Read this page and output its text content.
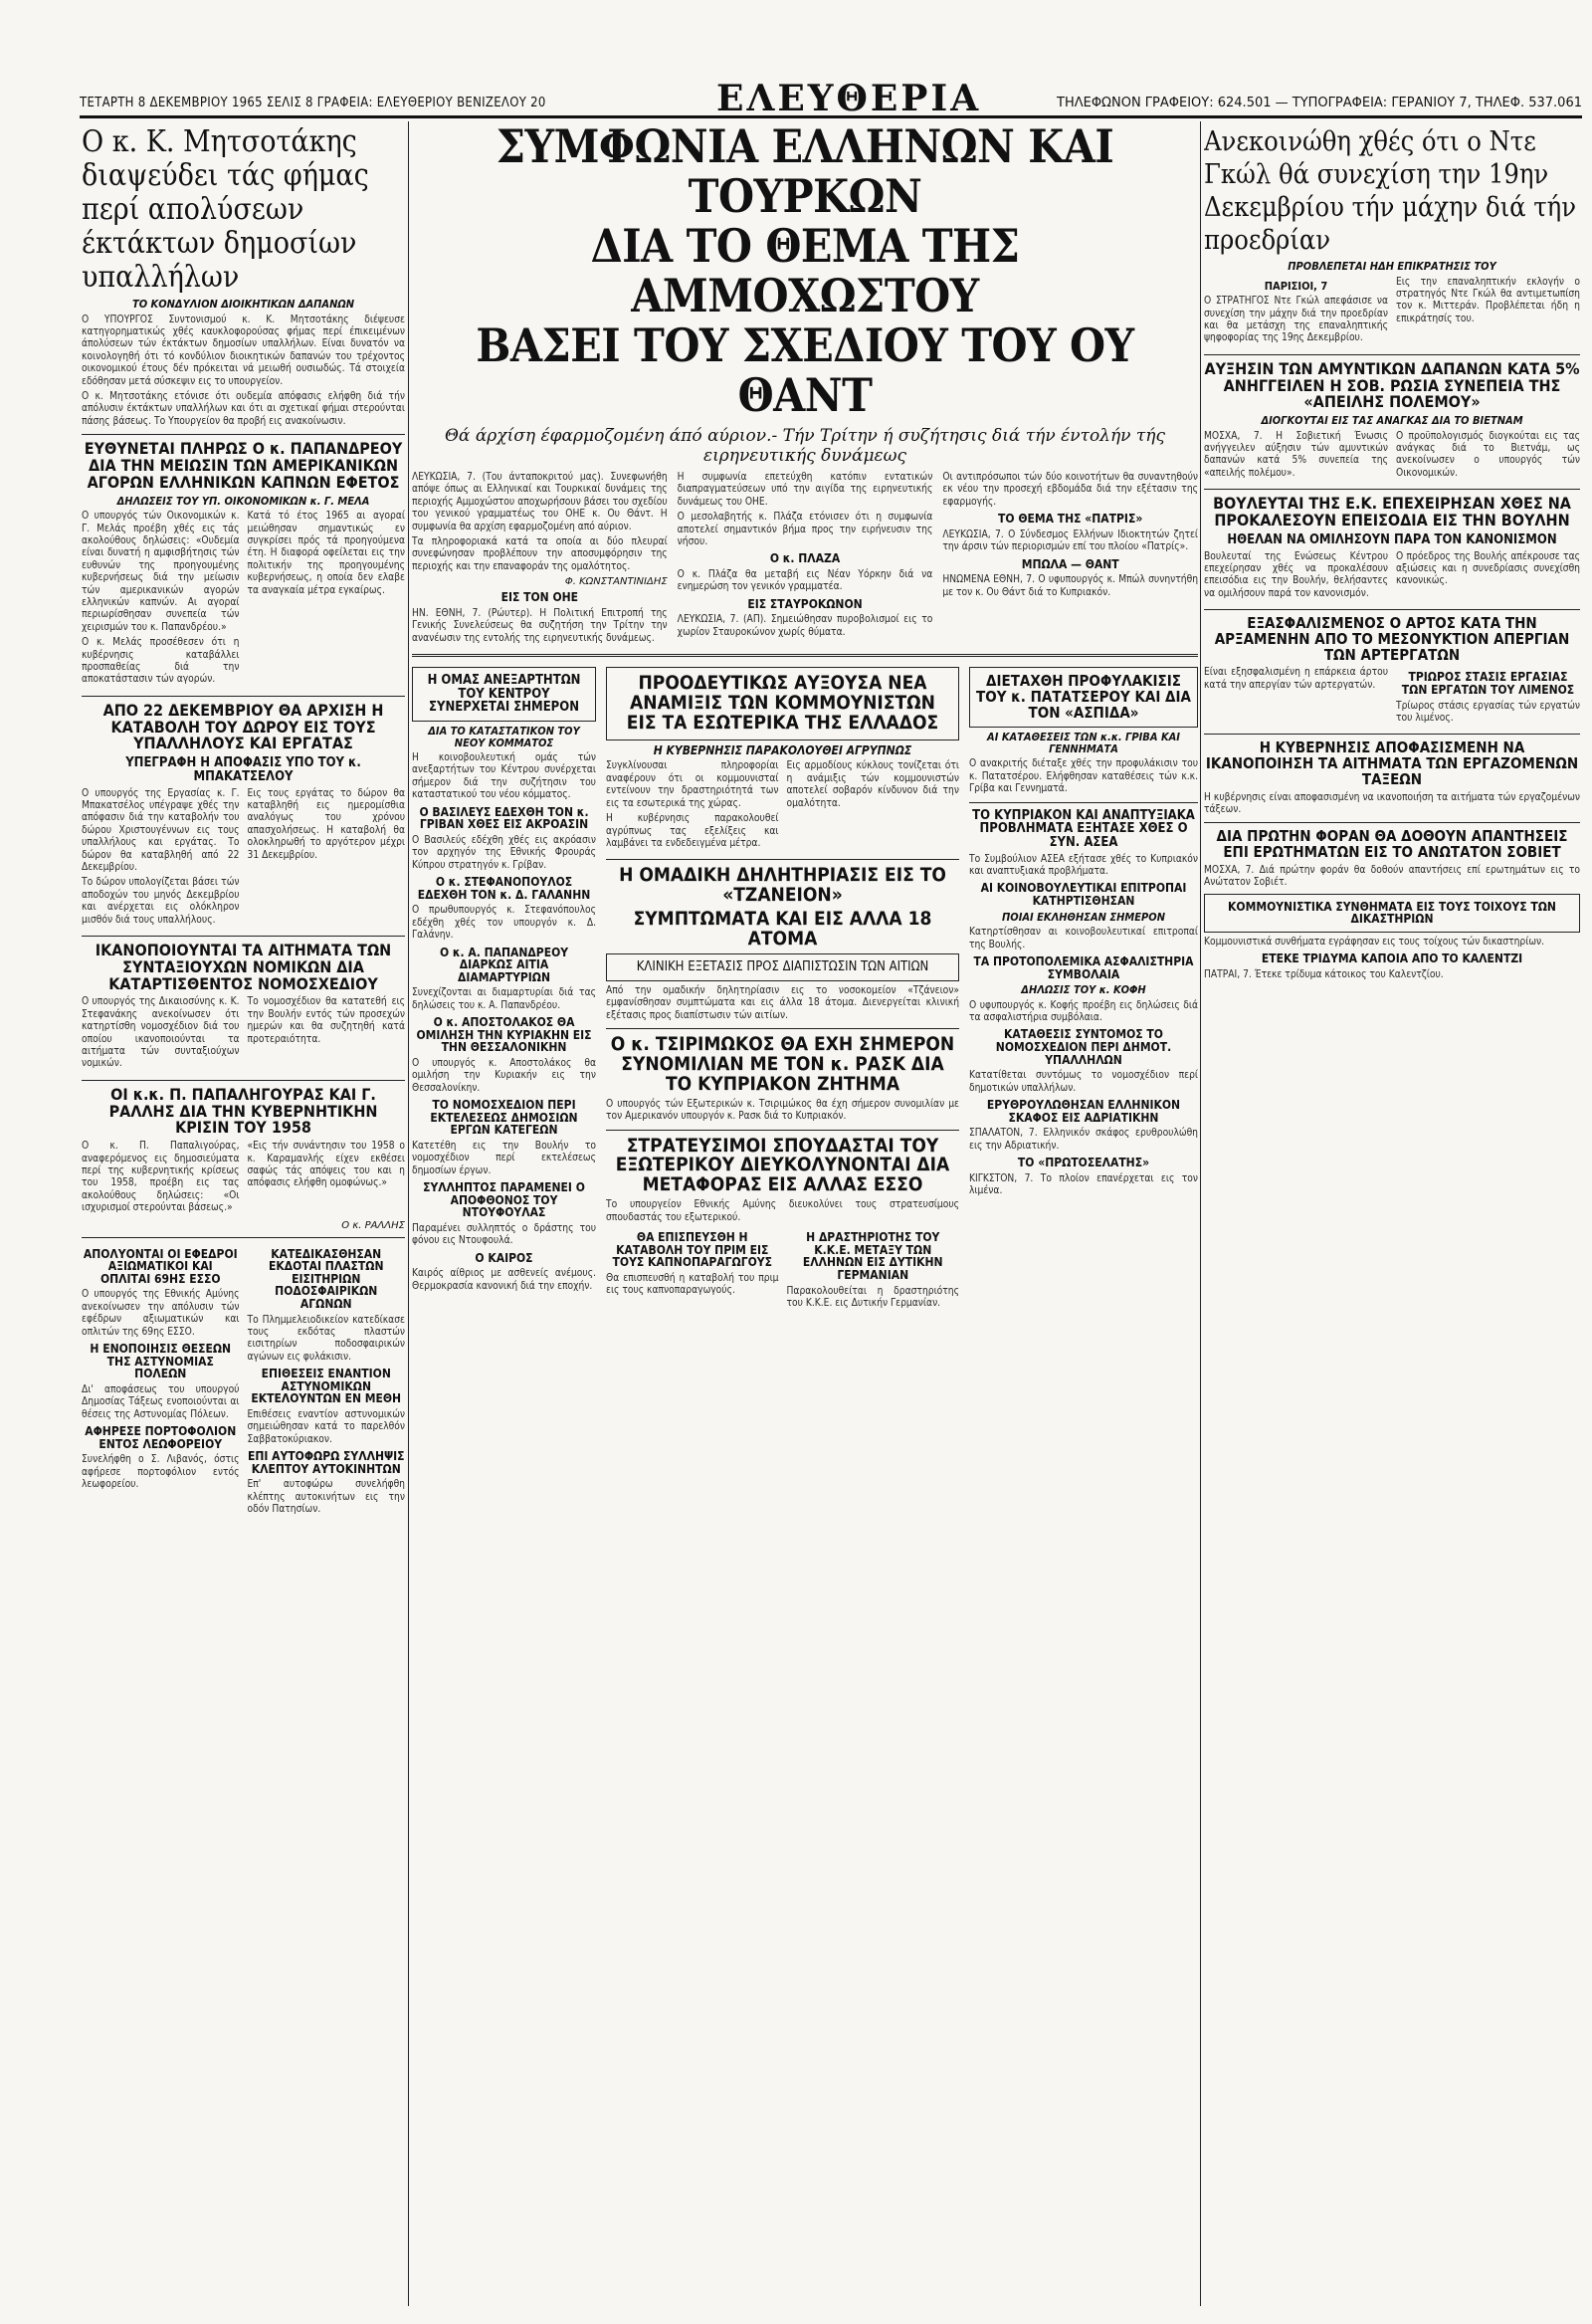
ΤΕΤΑΡΤΗ 8 ΔΕΚΕΜΒΡΙΟΥ 1965 ΣΕΛΙΣ 8 ΓΡΑΦΕΙΑ: ΕΛΕΥΘΕΡΙΟΥ ΒΕΝΙΖΕΛΟΥ 20	ΕΛΕΥΘΕΡΙΑ	ΤΗΛΕΦΩΝΟΝ ΓΡΑΦΕΙΟΥ: 624.501 — ΤΥΠΟΓΡΑΦΕΙΑ: ΓΕΡΑΝΙΟΥ 7, ΤΗΛΕΦ. 537.061
Ο κ. Κ. Μητσοτάκης διαψεύδει τάς φήμας περί απολύσεων έκτάκτων δημοσίων υπαλλήλων
ΤΟ ΚΟΝΔΥΛΙΟΝ ΔΙΟΙΚΗΤΙΚΩΝ ΔΑΠΑΝΩΝ

Ο ΥΠΟΥΡΓΟΣ Συντονισμού κ. Κ. Μητσοτάκης διέψευσε κατηγορηματικώς χθές καυκλοφορούσας φήμας περί έπικειμένων άπολύσεων τών έκτάκτων δημοσίων υπαλλήλων. Είναι δυνατόν να κοινολογηθή ότι τό κονδύλιον διοικητικών δαπανών του τρέχοντος οικονομικού έτους δέν πρόκειται νά μειωθή ουσιωδώς. Τά στοιχεία εδόθησαν μετά σύσκεψιν εις το υπουργείον.

Ο κ. Μητσοτάκης ετόνισε ότι ουδεμία απόφασις ελήφθη διά τήν απόλυσιν έκτάκτων υπαλλήλων και ότι αι σχετικαί φήμαι στερούνται πάσης βάσεως. Το Υπουργείον θα προβή εις ανακοίνωσιν.

ΕΥΘΥΝΕΤΑΙ ΠΛΗΡΩΣ Ο κ. ΠΑΠΑΝΔΡΕΟΥ ΔΙΑ ΤΗΝ ΜΕΙΩΣΙΝ ΤΩΝ ΑΜΕΡΙΚΑΝΙΚΩΝ ΑΓΟΡΩΝ ΕΛΛΗΝΙΚΩΝ ΚΑΠΝΩΝ ΕΦΕΤΟΣ
ΔΗΛΩΣΕΙΣ ΤΟΥ ΥΠ. ΟΙΚΟΝΟΜΙΚΩΝ κ. Γ. ΜΕΛΑ

Ο υπουργός τών Οικονομικών κ. Γ. Μελάς προέβη χθές εις τάς ακολούθους δηλώσεις: «Ουδεμία είναι δυνατή η αμφισβήτησις τών ευθυνών της προηγουμένης κυβερνήσεως διά την μείωσιν τών αμερικανικών αγορών ελληνικών καπνών. Αι αγοραί περιωρίσθησαν συνεπεία τών χειρισμών του κ. Παπανδρέου.»

Ο κ. Μελάς προσέθεσεν ότι η κυβέρνησις καταβάλλει προσπαθείας διά την αποκατάστασιν τών αγορών.

Κατά τό έτος 1965 αι αγοραί μειώθησαν σημαντικώς εν συγκρίσει πρός τά προηγούμενα έτη. Η διαφορά οφείλεται εις την πολιτικήν της προηγουμένης κυβερνήσεως, η οποία δεν ελαβε τα αναγκαία μέτρα εγκαίρως.

ΑΠΟ 22 ΔΕΚΕΜΒΡΙΟΥ ΘΑ ΑΡΧΙΣΗ Η ΚΑΤΑΒΟΛΗ ΤΟΥ ΔΩΡΟΥ ΕΙΣ ΤΟΥΣ ΥΠΑΛΛΗΛΟΥΣ ΚΑΙ ΕΡΓΑΤΑΣ
ΥΠΕΓΡΑΦΗ Η ΑΠΟΦΑΣΙΣ ΥΠΟ ΤΟΥ κ. ΜΠΑΚΑΤΣΕΛΟΥ

Ο υπουργός της Εργασίας κ. Γ. Μπακατσέλος υπέγραψε χθές την απόφασιν διά την καταβολήν του δώρου Χριστουγέννων εις τους υπαλλήλους και εργάτας. Το δώρον θα καταβληθή από 22 Δεκεμβρίου.

Το δώρον υπολογίζεται βάσει τών αποδοχών του μηνός Δεκεμβρίου και ανέρχεται εις ολόκληρον μισθόν διά τους υπαλλήλους.

Εις τους εργάτας το δώρον θα καταβληθή εις ημερομίσθια αναλόγως του χρόνου απασχολήσεως. Η καταβολή θα ολοκληρωθή το αργότερον μέχρι 31 Δεκεμβρίου.

ΙΚΑΝΟΠΟΙΟΥΝΤΑΙ ΤΑ ΑΙΤΗΜΑΤΑ ΤΩΝ ΣΥΝΤΑΞΙΟΥΧΩΝ ΝΟΜΙΚΩΝ ΔΙΑ ΚΑΤΑΡΤΙΣΘΕΝΤΟΣ ΝΟΜΟΣΧΕΔΙΟΥ

Ο υπουργός της Δικαιοσύνης κ. Κ. Στεφανάκης ανεκοίνωσεν ότι κατηρτίσθη νομοσχέδιον διά του οποίου ικανοποιούνται τα αιτήματα τών συνταξιούχων νομικών.

Το νομοσχέδιον θα κατατεθή εις την Βουλήν εντός τών προσεχών ημερών και θα συζητηθή κατά προτεραιότητα.

ΟΙ κ.κ. Π. ΠΑΠΑΛΗΓΟΥΡΑΣ ΚΑΙ Γ. ΡΑΛΛΗΣ ΔΙΑ ΤΗΝ ΚΥΒΕΡΝΗΤΙΚΗΝ ΚΡΙΣΙΝ ΤΟΥ 1958

Ο κ. Π. Παπαλιγούρας, αναφερόμενος εις δημοσιεύματα περί της κυβερνητικής κρίσεως του 1958, προέβη εις τας ακολούθους δηλώσεις: «Οι ισχυρισμοί στερούνται βάσεως.»

«Εις τήν συνάντησιν του 1958 ο κ. Καραμανλής είχεν εκθέσει σαφώς τάς απόψεις του και η απόφασις ελήφθη ομοφώνως.»

Ο κ. ΡΑΛΛΗΣ
ΑΠΟΛΥΟΝΤΑΙ ΟΙ ΕΦΕΔΡΟΙ ΑΞΙΩΜΑΤΙΚΟΙ ΚΑΙ ΟΠΛΙΤΑΙ 69ΗΣ ΕΣΣΟ

Ο υπουργός της Εθνικής Αμύνης ανεκοίνωσεν την απόλυσιν τών εφέδρων αξιωματικών και οπλιτών της 69ης ΕΣΣΟ.

Η ΕΝΟΠΟΙΗΣΙΣ ΘΕΣΕΩΝ ΤΗΣ ΑΣΤΥΝΟΜΙΑΣ ΠΟΛΕΩΝ

Δι' αποφάσεως του υπουργού Δημοσίας Τάξεως ενοποιούνται αι θέσεις της Αστυνομίας Πόλεων.

ΑΦΗΡΕΣΕ ΠΟΡΤΟΦΟΛΙΟΝ ΕΝΤΟΣ ΛΕΩΦΟΡΕΙΟΥ

Συνελήφθη ο Σ. Λιβανός, όστις αφήρεσε πορτοφόλιον εντός λεωφορείου.

ΚΑΤΕΔΙΚΑΣΘΗΣΑΝ ΕΚΔΟΤΑΙ ΠΛΑΣΤΩΝ ΕΙΣΙΤΗΡΙΩΝ ΠΟΔΟΣΦΑΙΡΙΚΩΝ ΑΓΩΝΩΝ

Το Πλημμελειοδικείον κατεδίκασε τους εκδότας πλαστών εισιτηρίων ποδοσφαιρικών αγώνων εις φυλάκισιν.

ΕΠΙΘΕΣΕΙΣ ΕΝΑΝΤΙΟΝ ΑΣΤΥΝΟΜΙΚΩΝ ΕΚΤΕΛΟΥΝΤΩΝ ΕΝ ΜΕΘΗ

Επιθέσεις εναντίον αστυνομικών σημειώθησαν κατά το παρελθόν Σαββατοκύριακον.

ΕΠΙ ΑΥΤΟΦΩΡΩ ΣΥΛΛΗΨΙΣ ΚΛΕΠΤΟΥ ΑΥΤΟΚΙΝΗΤΩΝ

Επ' αυτοφώρω συνελήφθη κλέπτης αυτοκινήτων εις την οδόν Πατησίων.

ΣΥΜΦΩΝΙΑ ΕΛΛΗΝΩΝ ΚΑΙ ΤΟΥΡΚΩΝ
ΔΙΑ ΤΟ ΘΕΜΑ ΤΗΣ ΑΜΜΟΧΩΣΤΟΥ
ΒΑΣΕΙ ΤΟΥ ΣΧΕΔΙΟΥ ΤΟΥ ΟΥ ΘΑΝΤ
Θά άρχίση έφαρμοζομένη άπό αύριον.- Τήν Τρίτην ή συζήτησις διά τήν έντολήν τής ειρηνευτικής δυνάμεως

ΛΕΥΚΩΣΙΑ, 7. (Του άνταποκριτού μας). Συνεφωνήθη απόψε όπως αι Ελληνικαί και Τουρκικαί δυνάμεις της περιοχής Αμμοχώστου αποχωρήσουν βάσει του σχεδίου του γενικού γραμματέως του ΟΗΕ κ. Ου Θάντ. Η συμφωνία θα αρχίση εφαρμοζομένη από αύριον.

Τα πληροφοριακά κατά τα οποία αι δύο πλευραί συνεφώνησαν προβλέπουν την αποσυμφόρησιν της περιοχής και την επαναφοράν της ομαλότητος.

Φ. ΚΩΝΣΤΑΝΤΙΝΙΔΗΣ
ΕΙΣ ΤΟΝ ΟΗΕ

ΗΝ. ΕΘΝΗ, 7. (Ρώυτερ). Η Πολιτική Επιτροπή της Γενικής Συνελεύσεως θα συζητήση την Τρίτην την ανανέωσιν της εντολής της ειρηνευτικής δυνάμεως.

Η συμφωνία επετεύχθη κατόπιν εντατικών διαπραγματεύσεων υπό την αιγίδα της ειρηνευτικής δυνάμεως του ΟΗΕ.

Ο μεσολαβητής κ. Πλάζα ετόνισεν ότι η συμφωνία αποτελεί σημαντικόν βήμα προς την ειρήνευσιν της νήσου.

Ο κ. ΠΛΑΖΑ

Ο κ. Πλάζα θα μεταβή εις Νέαν Υόρκην διά να ενημερώση τον γενικόν γραμματέα.

ΕΙΣ ΣΤΑΥΡΟΚΩΝΟΝ

ΛΕΥΚΩΣΙΑ, 7. (ΑΠ). Σημειώθησαν πυροβολισμοί εις το χωρίον Σταυροκώνον χωρίς θύματα.

Οι αντιπρόσωποι τών δύο κοινοτήτων θα συναντηθούν εκ νέου την προσεχή εβδομάδα διά την εξέτασιν της εφαρμογής.

ΤΟ ΘΕΜΑ ΤΗΣ «ΠΑΤΡΙΣ»

ΛΕΥΚΩΣΙΑ, 7. Ο Σύνδεσμος Ελλήνων Ιδιοκτητών ζητεί την άρσιν τών περιορισμών επί του πλοίου «Πατρίς».

ΜΠΩΛΑ — ΘΑΝΤ

ΗΝΩΜΕΝΑ ΕΘΝΗ, 7. Ο υφυπουργός κ. Μπώλ συνηντήθη με τον κ. Ου Θάντ διά το Κυπριακόν.

Η ΟΜΑΣ ΑΝΕΞΑΡΤΗΤΩΝ ΤΟΥ ΚΕΝΤΡΟΥ ΣΥΝΕΡΧΕΤΑΙ ΣΗΜΕΡΟΝ
ΔΙΑ ΤΟ ΚΑΤΑΣΤΑΤΙΚΟΝ ΤΟΥ ΝΕΟΥ ΚΟΜΜΑΤΟΣ

Η κοινοβουλευτική ομάς τών ανεξαρτήτων του Κέντρου συνέρχεται σήμερον διά την συζήτησιν του καταστατικού του νέου κόμματος.

Ο ΒΑΣΙΛΕΥΣ ΕΔΕΧΘΗ ΤΟΝ κ. ΓΡΙΒΑΝ ΧΘΕΣ ΕΙΣ ΑΚΡΟΑΣΙΝ

Ο Βασιλεύς εδέχθη χθές εις ακρόασιν τον αρχηγόν της Εθνικής Φρουράς Κύπρου στρατηγόν κ. Γρίβαν.

Ο κ. ΣΤΕΦΑΝΟΠΟΥΛΟΣ ΕΔΕΧΘΗ ΤΟΝ κ. Δ. ΓΑΛΑΝΗΝ

Ο πρωθυπουργός κ. Στεφανόπουλος εδέχθη χθές τον υπουργόν κ. Δ. Γαλάνην.

Ο κ. Α. ΠΑΠΑΝΔΡΕΟΥ ΔΙΑΡΚΩΣ ΑΙΤΙΑ ΔΙΑΜΑΡΤΥΡΙΩΝ

Συνεχίζονται αι διαμαρτυρίαι διά τας δηλώσεις του κ. Α. Παπανδρέου.

Ο κ. ΑΠΟΣΤΟΛΑΚΟΣ ΘΑ ΟΜΙΛΗΣΗ ΤΗΝ ΚΥΡΙΑΚΗΝ ΕΙΣ ΤΗΝ ΘΕΣΣΑΛΟΝΙΚΗΝ

Ο υπουργός κ. Αποστολάκος θα ομιλήση την Κυριακήν εις την Θεσσαλονίκην.

ΤΟ ΝΟΜΟΣΧΕΔΙΟΝ ΠΕΡΙ ΕΚΤΕΛΕΣΕΩΣ ΔΗΜΟΣΙΩΝ ΕΡΓΩΝ ΚΑΤΕΓΕΩΝ

Κατετέθη εις την Βουλήν το νομοσχέδιον περί εκτελέσεως δημοσίων έργων.

ΣΥΛΛΗΠΤΟΣ ΠΑΡΑΜΕΝΕΙ Ο ΑΠΟΦΘΟΝΟΣ ΤΟΥ ΝΤΟΥΦΟΥΛΑΣ

Παραμένει συλληπτός ο δράστης του φόνου εις Ντουφουλά.

Ο ΚΑΙΡΟΣ

Καιρός αίθριος με ασθενείς ανέμους. Θερμοκρασία κανονική διά την εποχήν.

ΠΡΟΟΔΕΥΤΙΚΩΣ ΑΥΞΟΥΣΑ ΝΕΑ ΑΝΑΜΙΞΙΣ ΤΩΝ ΚΟΜΜΟΥΝΙΣΤΩΝ ΕΙΣ ΤΑ ΕΣΩΤΕΡΙΚΑ ΤΗΣ ΕΛΛΑΔΟΣ
Η ΚΥΒΕΡΝΗΣΙΣ ΠΑΡΑΚΟΛΟΥΘΕΙ ΑΓΡΥΠΝΩΣ

Συγκλίνουσαι πληροφορίαι αναφέρουν ότι οι κομμουνισταί εντείνουν την δραστηριότητά των εις τα εσωτερικά της χώρας.

Η κυβέρνησις παρακολουθεί αγρύπνως τας εξελίξεις και λαμβάνει τα ενδεδειγμένα μέτρα.

Εις αρμοδίους κύκλους τονίζεται ότι η ανάμιξις τών κομμουνιστών αποτελεί σοβαρόν κίνδυνον διά την ομαλότητα.

Η ΟΜΑΔΙΚΗ ΔΗΛΗΤΗΡΙΑΣΙΣ ΕΙΣ ΤΟ «ΤΖΑΝΕΙΟΝ»
ΣΥΜΠΤΩΜΑΤΑ ΚΑΙ ΕΙΣ ΑΛΛΑ 18 ΑΤΟΜΑ
ΚΛΙΝΙΚΗ ΕΞΕΤΑΣΙΣ ΠΡΟΣ ΔΙΑΠΙΣΤΩΣΙΝ ΤΩΝ ΑΙΤΙΩΝ

Από την ομαδικήν δηλητηρίασιν εις το νοσοκομείον «Τζάνειον» εμφανίσθησαν συμπτώματα και εις άλλα 18 άτομα. Διενεργείται κλινική εξέτασις προς διαπίστωσιν τών αιτίων.

Ο κ. ΤΣΙΡΙΜΩΚΟΣ ΘΑ ΕΧΗ ΣΗΜΕΡΟΝ ΣΥΝΟΜΙΛΙΑΝ ΜΕ ΤΟΝ κ. ΡΑΣΚ ΔΙΑ ΤΟ ΚΥΠΡΙΑΚΟΝ ΖΗΤΗΜΑ

Ο υπουργός τών Εξωτερικών κ. Τσιριμώκος θα έχη σήμερον συνομιλίαν με τον Αμερικανόν υπουργόν κ. Ρασκ διά το Κυπριακόν.

ΣΤΡΑΤΕΥΣΙΜΟΙ ΣΠΟΥΔΑΣΤΑΙ ΤΟΥ ΕΞΩΤΕΡΙΚΟΥ ΔΙΕΥΚΟΛΥΝΟΝΤΑΙ ΔΙΑ ΜΕΤΑΦΟΡΑΣ ΕΙΣ ΑΛΛΑΣ ΕΣΣΟ

Το υπουργείον Εθνικής Αμύνης διευκολύνει τους στρατευσίμους σπουδαστάς του εξωτερικού.

ΘΑ ΕΠΙΣΠΕΥΣΘΗ Η ΚΑΤΑΒΟΛΗ ΤΟΥ ΠΡΙΜ ΕΙΣ ΤΟΥΣ ΚΑΠΝΟΠΑΡΑΓΩΓΟΥΣ

Θα επισπευσθή η καταβολή του πριμ εις τους καπνοπαραγωγούς.

Η ΔΡΑΣΤΗΡΙΟΤΗΣ ΤΟΥ Κ.Κ.Ε. ΜΕΤΑΞΥ ΤΩΝ ΕΛΛΗΝΩΝ ΕΙΣ ΔΥΤΙΚΗΝ ΓΕΡΜΑΝΙΑΝ

Παρακολουθείται η δραστηριότης του Κ.Κ.Ε. εις Δυτικήν Γερμανίαν.

ΔΙΕΤΑΧΘΗ ΠΡΟΦΥΛΑΚΙΣΙΣ ΤΟΥ κ. ΠΑΤΑΤΣΕΡΟΥ ΚΑΙ ΔΙΑ ΤΟΝ «ΑΣΠΙΔΑ»
ΑΙ ΚΑΤΑΘΕΣΕΙΣ ΤΩΝ κ.κ. ΓΡΙΒΑ ΚΑΙ ΓΕΝΝΗΜΑΤΑ

Ο ανακριτής διέταξε χθές την προφυλάκισιν του κ. Πατατσέρου. Ελήφθησαν καταθέσεις τών κ.κ. Γρίβα και Γεννηματά.

ΤΟ ΚΥΠΡΙΑΚΟΝ ΚΑΙ ΑΝΑΠΤΥΞΙΑΚΑ ΠΡΟΒΛΗΜΑΤΑ ΕΞΗΤΑΣΕ ΧΘΕΣ Ο ΣΥΝ. ΑΣΕΑ

Το Συμβούλιον ΑΣΕΑ εξήτασε χθές το Κυπριακόν και αναπτυξιακά προβλήματα.

ΑΙ ΚΟΙΝΟΒΟΥΛΕΥΤΙΚΑΙ ΕΠΙΤΡΟΠΑΙ ΚΑΤΗΡΤΙΣΘΗΣΑΝ
ΠΟΙΑΙ ΕΚΛΗΘΗΣΑΝ ΣΗΜΕΡΟΝ

Κατηρτίσθησαν αι κοινοβουλευτικαί επιτροπαί της Βουλής.

ΤΑ ΠΡΟΤΟΠΟΛΕΜΙΚΑ ΑΣΦΑΛΙΣΤΗΡΙΑ ΣΥΜΒΟΛΑΙΑ
ΔΗΛΩΣΙΣ ΤΟΥ κ. ΚΟΦΗ

Ο υφυπουργός κ. Κοφής προέβη εις δηλώσεις διά τα ασφαλιστήρια συμβόλαια.

ΚΑΤΑΘΕΣΙΣ ΣΥΝΤΟΜΟΣ ΤΟ ΝΟΜΟΣΧΕΔΙΟΝ ΠΕΡΙ ΔΗΜΟΤ. ΥΠΑΛΛΗΛΩΝ

Κατατίθεται συντόμως το νομοσχέδιον περί δημοτικών υπαλλήλων.

ΕΡΥΘΡΟΥΛΩΘΗΣΑΝ ΕΛΛΗΝΙΚΟΝ ΣΚΑΦΟΣ ΕΙΣ ΑΔΡΙΑΤΙΚΗΝ

ΣΠΑΛΑΤΟΝ, 7. Ελληνικόν σκάφος ερυθρουλώθη εις την Αδριατικήν.

ΤΟ «ΠΡΩΤΟΣΕΛΑΤΗΣ»

ΚΙΓΚΣΤΟΝ, 7. Το πλοίον επανέρχεται εις τον λιμένα.

Ανεκοινώθη χθές ότι ο Ντε Γκώλ θά συνεχίση την 19ην Δεκεμβρίου τήν μάχην διά τήν προεδρίαν
ΠΡΟΒΛΕΠΕΤΑΙ ΗΔΗ ΕΠΙΚΡΑΤΗΣΙΣ ΤΟΥ
ΠΑΡΙΣΙΟΙ, 7

Ο ΣΤΡΑΤΗΓΟΣ Ντε Γκώλ απεφάσισε να συνεχίση την μάχην διά την προεδρίαν και θα μετάσχη της επαναληπτικής ψηφοφορίας της 19ης Δεκεμβρίου.

Εις την επαναληπτικήν εκλογήν ο στρατηγός Ντε Γκώλ θα αντιμετωπίση τον κ. Μιττεράν. Προβλέπεται ήδη η επικράτησίς του.

ΑΥΞΗΣΙΝ ΤΩΝ ΑΜΥΝΤΙΚΩΝ ΔΑΠΑΝΩΝ ΚΑΤΑ 5% ΑΝΗΓΓΕΙΛΕΝ Η ΣΟΒ. ΡΩΣΙΑ ΣΥΝΕΠΕΙΑ ΤΗΣ «ΑΠΕΙΛΗΣ ΠΟΛΕΜΟΥ»
ΔΙΟΓΚΟΥΤΑΙ ΕΙΣ ΤΑΣ ΑΝΑΓΚΑΣ ΔΙΑ ΤΟ ΒΙΕΤΝΑΜ

ΜΟΣΧΑ, 7. Η Σοβιετική Ένωσις ανήγγειλεν αύξησιν τών αμυντικών δαπανών κατά 5% συνεπεία της «απειλής πολέμου».

Ο προϋπολογισμός διογκούται εις τας ανάγκας διά το Βιετνάμ, ως ανεκοίνωσεν ο υπουργός τών Οικονομικών.

ΒΟΥΛΕΥΤΑΙ ΤΗΣ Ε.Κ. ΕΠΕΧΕΙΡΗΣΑΝ ΧΘΕΣ ΝΑ ΠΡΟΚΑΛΕΣΟΥΝ ΕΠΕΙΣΟΔΙΑ ΕΙΣ ΤΗΝ ΒΟΥΛΗΝ
ΗΘΕΛΑΝ ΝΑ ΟΜΙΛΗΣΟΥΝ ΠΑΡΑ ΤΟΝ ΚΑΝΟΝΙΣΜΟΝ

Βουλευταί της Ενώσεως Κέντρου επεχείρησαν χθές να προκαλέσουν επεισόδια εις την Βουλήν, θελήσαντες να ομιλήσουν παρά τον κανονισμόν.

Ο πρόεδρος της Βουλής απέκρουσε τας αξιώσεις και η συνεδρίασις συνεχίσθη κανονικώς.

ΕΞΑΣΦΑΛΙΣΜΕΝΟΣ Ο ΑΡΤΟΣ ΚΑΤΑ ΤΗΝ ΑΡΞΑΜΕΝΗΝ ΑΠΟ ΤΟ ΜΕΣΟΝΥΚΤΙΟΝ ΑΠΕΡΓΙΑΝ ΤΩΝ ΑΡΤΕΡΓΑΤΩΝ

Είναι εξησφαλισμένη η επάρκεια άρτου κατά την απεργίαν τών αρτεργατών.

ΤΡΙΩΡΟΣ ΣΤΑΣΙΣ ΕΡΓΑΣΙΑΣ ΤΩΝ ΕΡΓΑΤΩΝ ΤΟΥ ΛΙΜΕΝΟΣ

Τρίωρος στάσις εργασίας τών εργατών του λιμένος.

Η ΚΥΒΕΡΝΗΣΙΣ ΑΠΟΦΑΣΙΣΜΕΝΗ ΝΑ ΙΚΑΝΟΠΟΙΗΣΗ ΤΑ ΑΙΤΗΜΑΤΑ ΤΩΝ ΕΡΓΑΖΟΜΕΝΩΝ ΤΑΞΕΩΝ

Η κυβέρνησις είναι αποφασισμένη να ικανοποιήση τα αιτήματα τών εργαζομένων τάξεων.

ΔΙΑ ΠΡΩΤΗΝ ΦΟΡΑΝ ΘΑ ΔΟΘΟΥΝ ΑΠΑΝΤΗΣΕΙΣ ΕΠΙ ΕΡΩΤΗΜΑΤΩΝ ΕΙΣ ΤΟ ΑΝΩΤΑΤΟΝ ΣΟΒΙΕΤ

ΜΟΣΧΑ, 7. Διά πρώτην φοράν θα δοθούν απαντήσεις επί ερωτημάτων εις το Ανώτατον Σοβιέτ.

ΚΟΜΜΟΥΝΙΣΤΙΚΑ ΣΥΝΘΗΜΑΤΑ ΕΙΣ ΤΟΥΣ ΤΟΙΧΟΥΣ ΤΩΝ ΔΙΚΑΣΤΗΡΙΩΝ

Κομμουνιστικά συνθήματα εγράφησαν εις τους τοίχους τών δικαστηρίων.

ΕΤΕΚΕ ΤΡΙΔΥΜΑ ΚΑΠΟΙΑ ΑΠΟ ΤΟ ΚΑΛΕΝΤΖΙ

ΠΑΤΡΑΙ, 7. Έτεκε τρίδυμα κάτοικος του Καλεντζίου.
